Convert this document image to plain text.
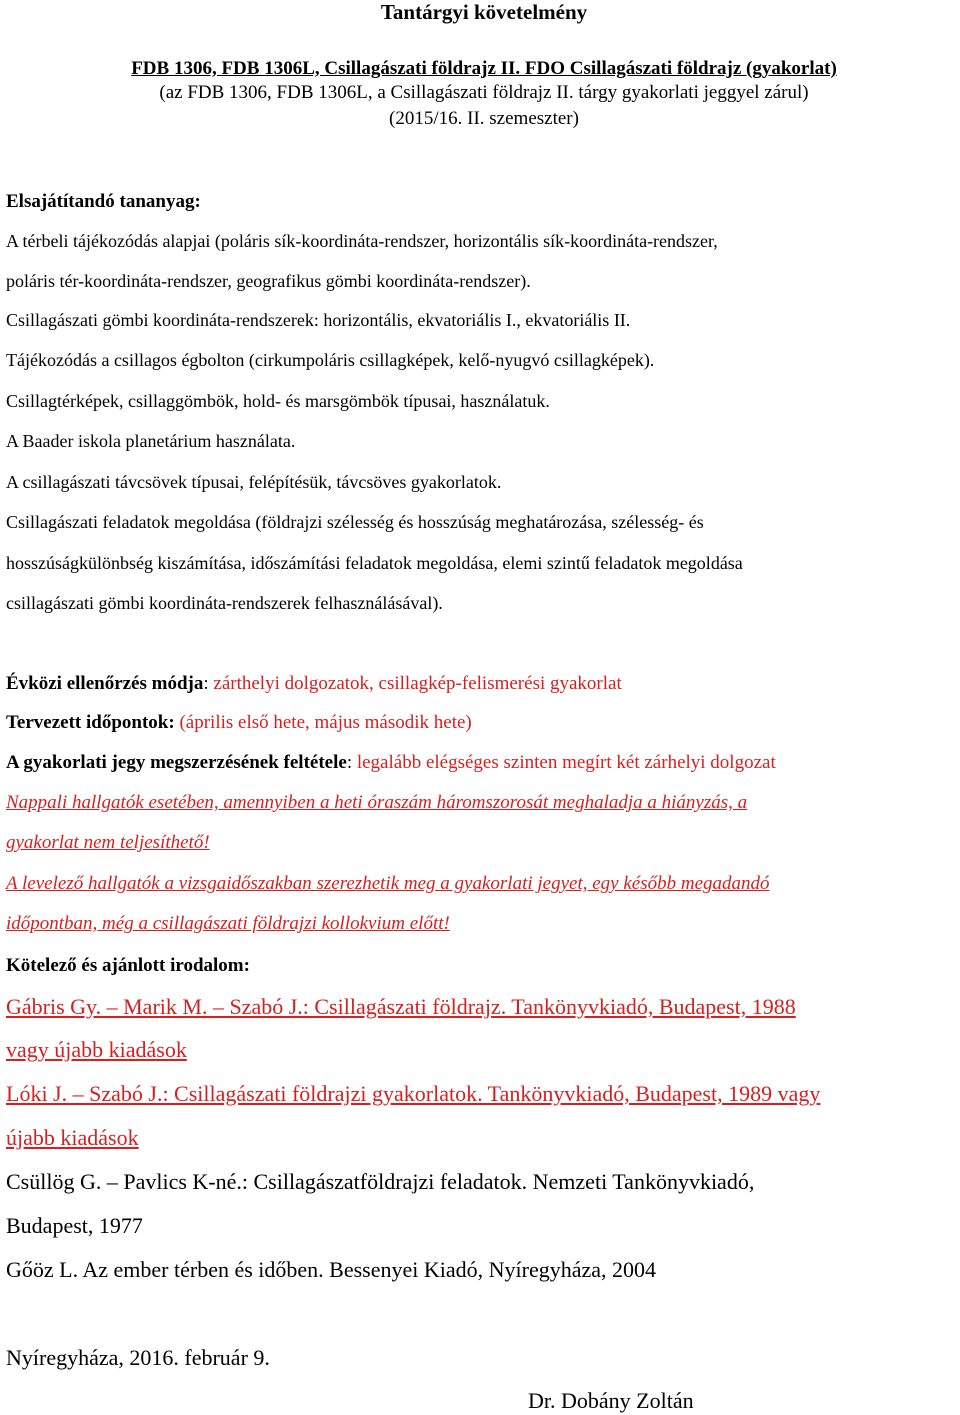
Tantárgyi követelmény
FDB 1306, FDB 1306L, Csillagászati földrajz II. FDO Csillagászati földrajz (gyakorlat)
(az FDB 1306, FDB 1306L, a Csillagászati földrajz II. tárgy gyakorlati jeggyel zárul)
(2015/16. II. szemeszter)
Elsajátítandó tananyag:
A térbeli tájékozódás alapjai (poláris sík-koordináta-rendszer, horizontális sík-koordináta-rendszer,
poláris tér-koordináta-rendszer, geografikus gömbi koordináta-rendszer).
Csillagászati gömbi koordináta-rendszerek: horizontális, ekvatoriális I., ekvatoriális II.
Tájékozódás a csillagos égbolton (cirkumpoláris csillagképek, kelő-nyugvó csillagképek).
Csillagtérképek, csillaggömbök, hold- és marsgömbök típusai, használatuk.
A Baader iskola planetárium használata.
A csillagászati távcsövek típusai, felépítésük, távcsöves gyakorlatok.
Csillagászati feladatok megoldása (földrajzi szélesség és hosszúság meghatározása, szélesség- és
hosszúságkülönbség kiszámítása, időszámítási feladatok megoldása, elemi szintű feladatok megoldása
csillagászati gömbi koordináta-rendszerek felhasználásával).
Évközi ellenőrzés módja: zárthelyi dolgozatok, csillagkép-felismerési gyakorlat
Tervezett időpontok: (április első hete, május második hete)
A gyakorlati jegy megszerzésének feltétele: legalább elégséges szinten megírt két zárhelyi dolgozat
Nappali hallgatók esetében, amennyiben a heti óraszám háromszorosát meghaladja a hiányzás, a
gyakorlat nem teljesíthető!
A levelező hallgatók a vizsgaidőszakban szerezhetik meg a gyakorlati jegyet, egy később megadandó
időpontban, még a csillagászati földrajzi kollokvium előtt!
Kötelező és ajánlott irodalom:
Gábris Gy. – Marik M. – Szabó J.: Csillagászati földrajz. Tankönyvkiadó, Budapest, 1988
vagy újabb kiadások
Lóki J. – Szabó J.: Csillagászati földrajzi gyakorlatok. Tankönyvkiadó, Budapest, 1989 vagy
újabb kiadások
Csüllög G. – Pavlics K-né.: Csillagászatföldrajzi feladatok. Nemzeti Tankönyvkiadó,
Budapest, 1977
Gőöz L. Az ember térben és időben. Bessenyei Kiadó, Nyíregyháza, 2004
Nyíregyháza, 2016. február 9.
Dr. Dobány Zoltán
